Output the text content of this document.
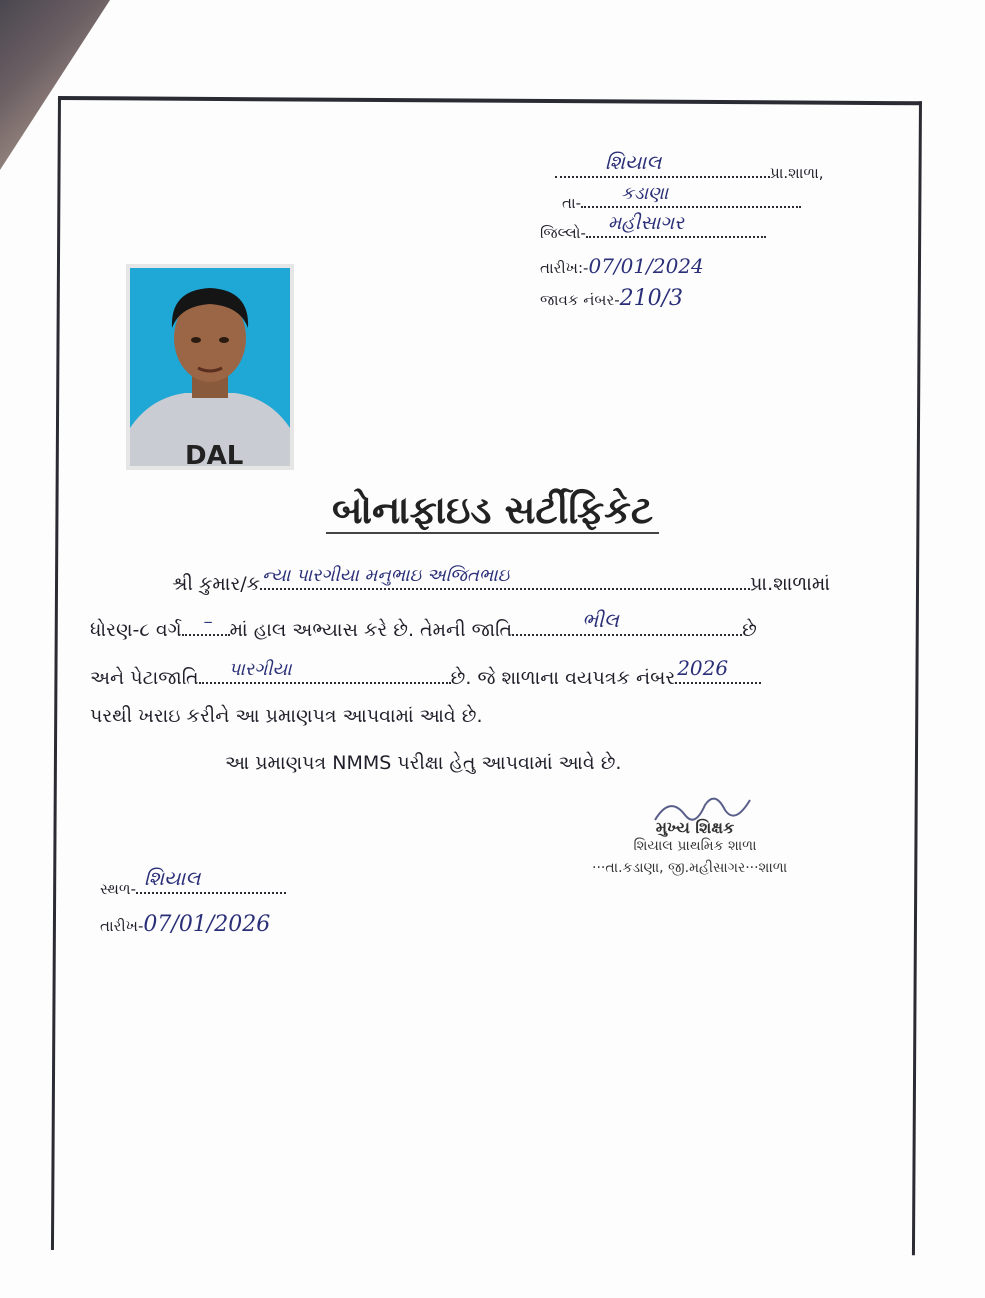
શિયાલ	પ્રા.શાળા,
તા- કડાણા
જિલ્લો- મહીસાગર
તારીખ:-07/01/2024
જાવક નંબર-210/3
DAL
બોનાફાઇડ સર્ટીફિકેટ
શ્રી કુમાર/ક ન્યા પારગીયા મનુભાઇ અજિતભાઇ	પ્રા.શાળામાં
ધોરણ-૮ વર્ગ – માં હાલ અભ્યાસ કરે છે. તેમની જાતિ	ભીલ	છે
અને પેટાજાતિ પારગીયા	છે. જે શાળાના વયપત્રક નંબર 2026
પરથી ખરાઇ કરીને આ પ્રમાણપત્ર આપવામાં આવે છે.
આ પ્રમાણપત્ર NMMS પરીક્ષા હેતુ આપવામાં આવે છે.
મુખ્ય શિક્ષક
શિયાલ પ્રાથમિક શાળા
···તા.કડાણા, જી.મહીસાગર···શાળા
સ્થળ- શિયાલ
તારીખ-07/01/2026
